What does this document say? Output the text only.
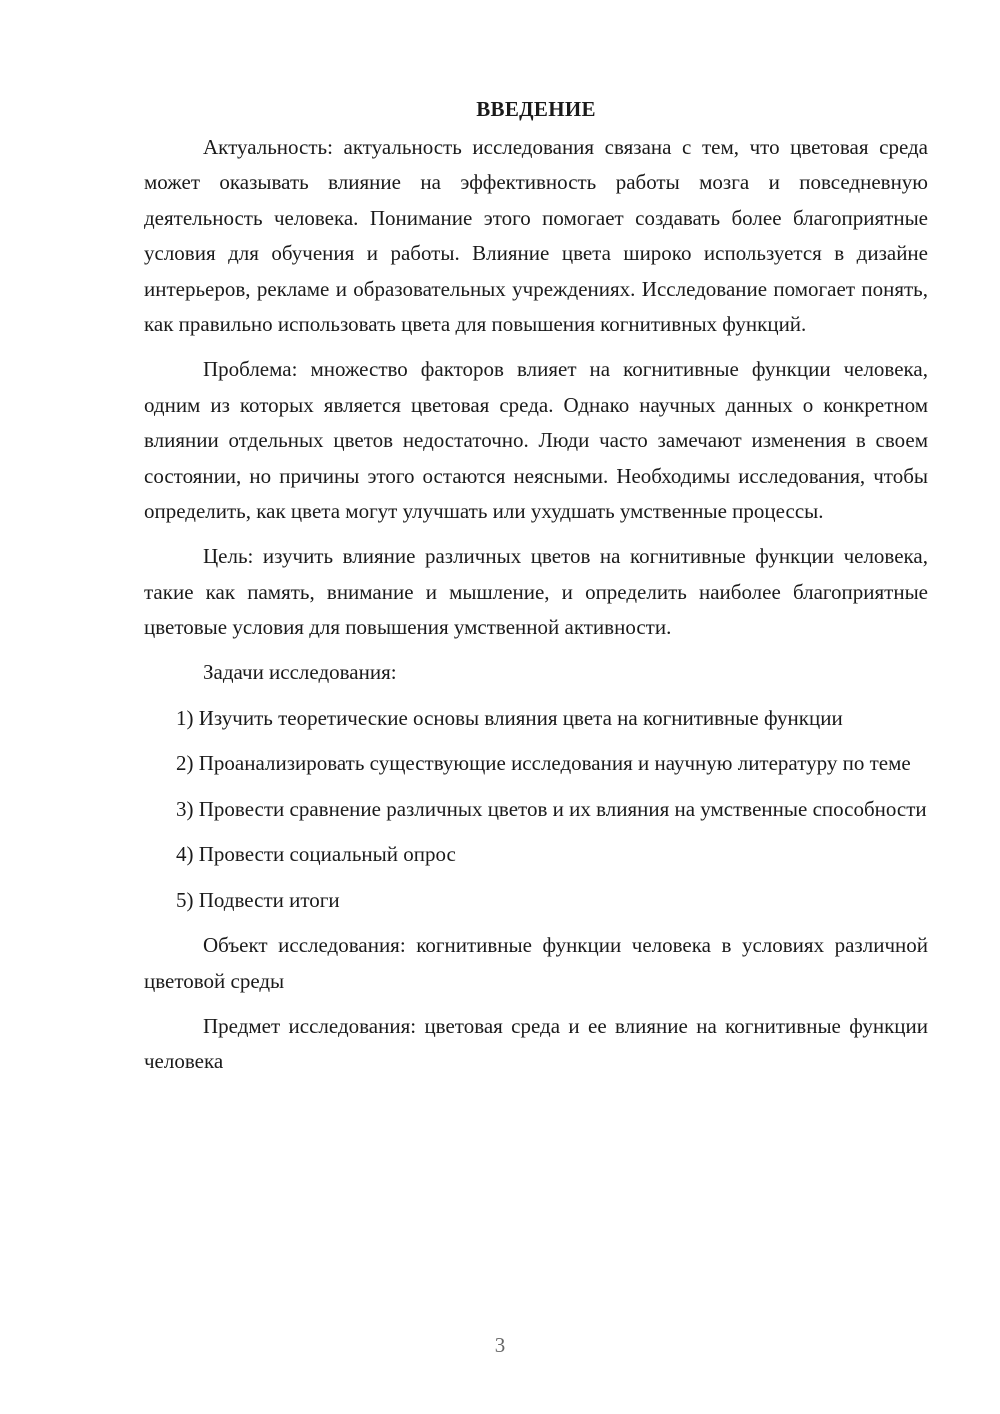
ВВЕДЕНИЕ

Актуальность: актуальность исследования связана с тем, что цветовая среда может оказывать влияние на эффективность работы мозга и повседневную деятельность человека. Понимание этого помогает создавать более благоприятные условия для обучения и работы. Влияние цвета широко используется в дизайне интерьеров, рекламе и образовательных учреждениях. Исследование помогает понять, как правильно использовать цвета для повышения когнитивных функций.

Проблема: множество факторов влияет на когнитивные функции человека, одним из которых является цветовая среда. Однако научных данных о конкретном влиянии отдельных цветов недостаточно. Люди часто замечают изменения в своем состоянии, но причины этого остаются неясными. Необходимы исследования, чтобы определить, как цвета могут улучшать или ухудшать умственные процессы.

Цель: изучить влияние различных цветов на когнитивные функции человека, такие как память, внимание и мышление, и определить наиболее благоприятные цветовые условия для повышения умственной активности.

Задачи исследования:

1) Изучить теоретические основы влияния цвета на когнитивные функции

2) Проанализировать существующие исследования и научную литературу по теме

3) Провести сравнение различных цветов и их влияния на умственные способности

4) Провести социальный опрос

5) Подвести итоги

Объект исследования: когнитивные функции человека в условиях различной цветовой среды

Предмет исследования: цветовая среда и ее влияние на когнитивные функции человека

3
